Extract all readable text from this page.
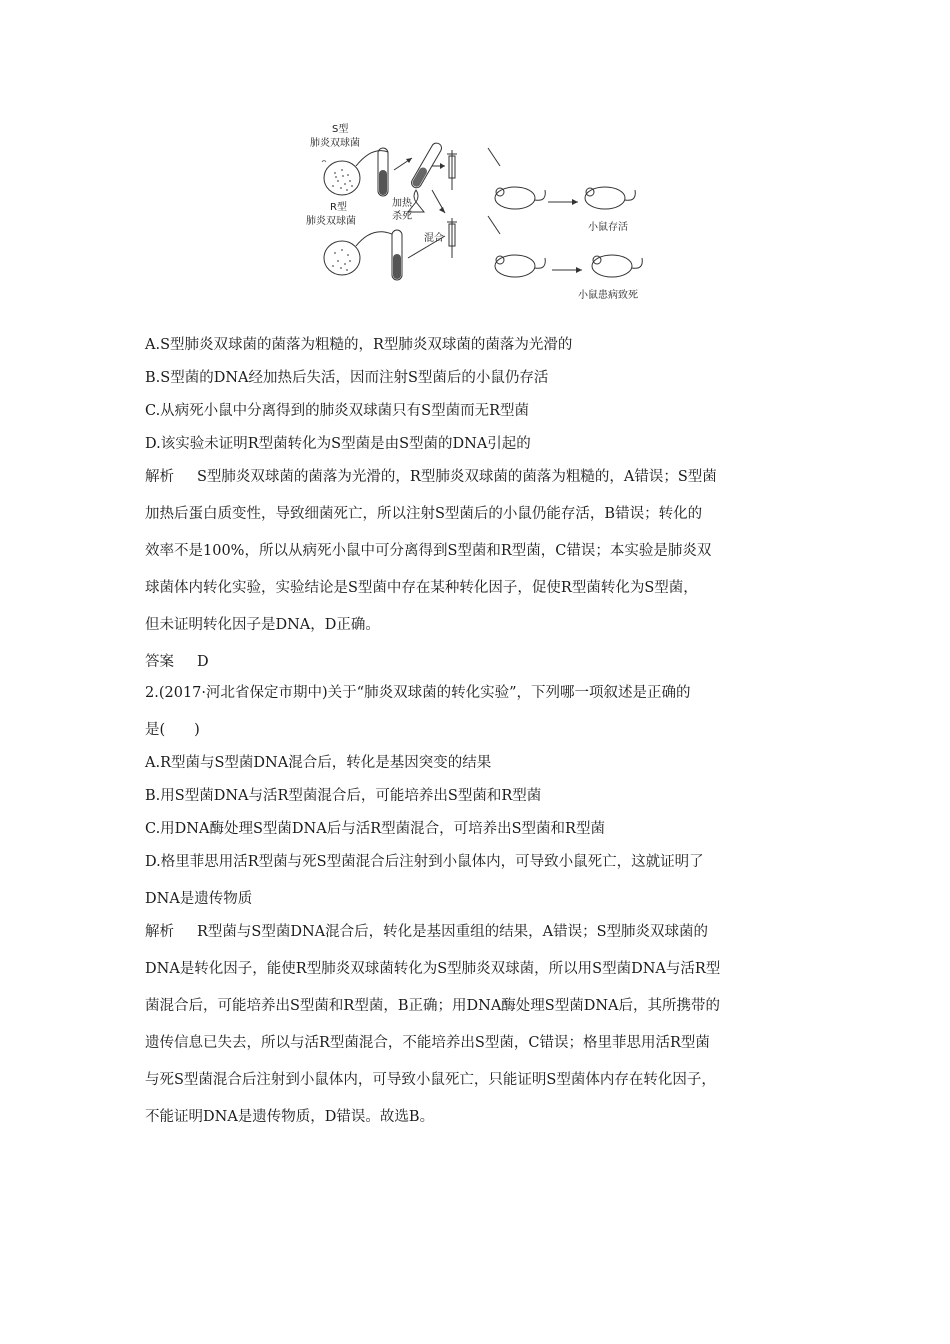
S型
肺炎双球菌
加热
杀死
混合
R型
肺炎双球菌
小鼠存活
小鼠患病致死
A.S型肺炎双球菌的菌落为粗糙的，R型肺炎双球菌的菌落为光滑的
B.S型菌的DNA经加热后失活，因而注射S型菌后的小鼠仍存活
C.从病死小鼠中分离得到的肺炎双球菌只有S型菌而无R型菌
D.该实验未证明R型菌转化为S型菌是由S型菌的DNA引起的
解析 S型肺炎双球菌的菌落为光滑的，R型肺炎双球菌的菌落为粗糙的，A错误；S型菌
加热后蛋白质变性，导致细菌死亡，所以注射S型菌后的小鼠仍能存活，B错误；转化的
效率不是100%，所以从病死小鼠中可分离得到S型菌和R型菌，C错误；本实验是肺炎双
球菌体内转化实验，实验结论是S型菌中存在某种转化因子，促使R型菌转化为S型菌，
但未证明转化因子是DNA，D正确。
答案 D
2.(2017·河北省保定市期中)关于“肺炎双球菌的转化实验”，下列哪一项叙述是正确的
是(　　)
A.R型菌与S型菌DNA混合后，转化是基因突变的结果
B.用S型菌DNA与活R型菌混合后，可能培养出S型菌和R型菌
C.用DNA酶处理S型菌DNA后与活R型菌混合，可培养出S型菌和R型菌
D.格里菲思用活R型菌与死S型菌混合后注射到小鼠体内，可导致小鼠死亡，这就证明了
DNA是遗传物质
解析 R型菌与S型菌DNA混合后，转化是基因重组的结果，A错误；S型肺炎双球菌的
DNA是转化因子，能使R型肺炎双球菌转化为S型肺炎双球菌，所以用S型菌DNA与活R型
菌混合后，可能培养出S型菌和R型菌，B正确；用DNA酶处理S型菌DNA后，其所携带的
遗传信息已失去，所以与活R型菌混合，不能培养出S型菌，C错误；格里菲思用活R型菌
与死S型菌混合后注射到小鼠体内，可导致小鼠死亡，只能证明S型菌体内存在转化因子，
不能证明DNA是遗传物质，D错误。故选B。
